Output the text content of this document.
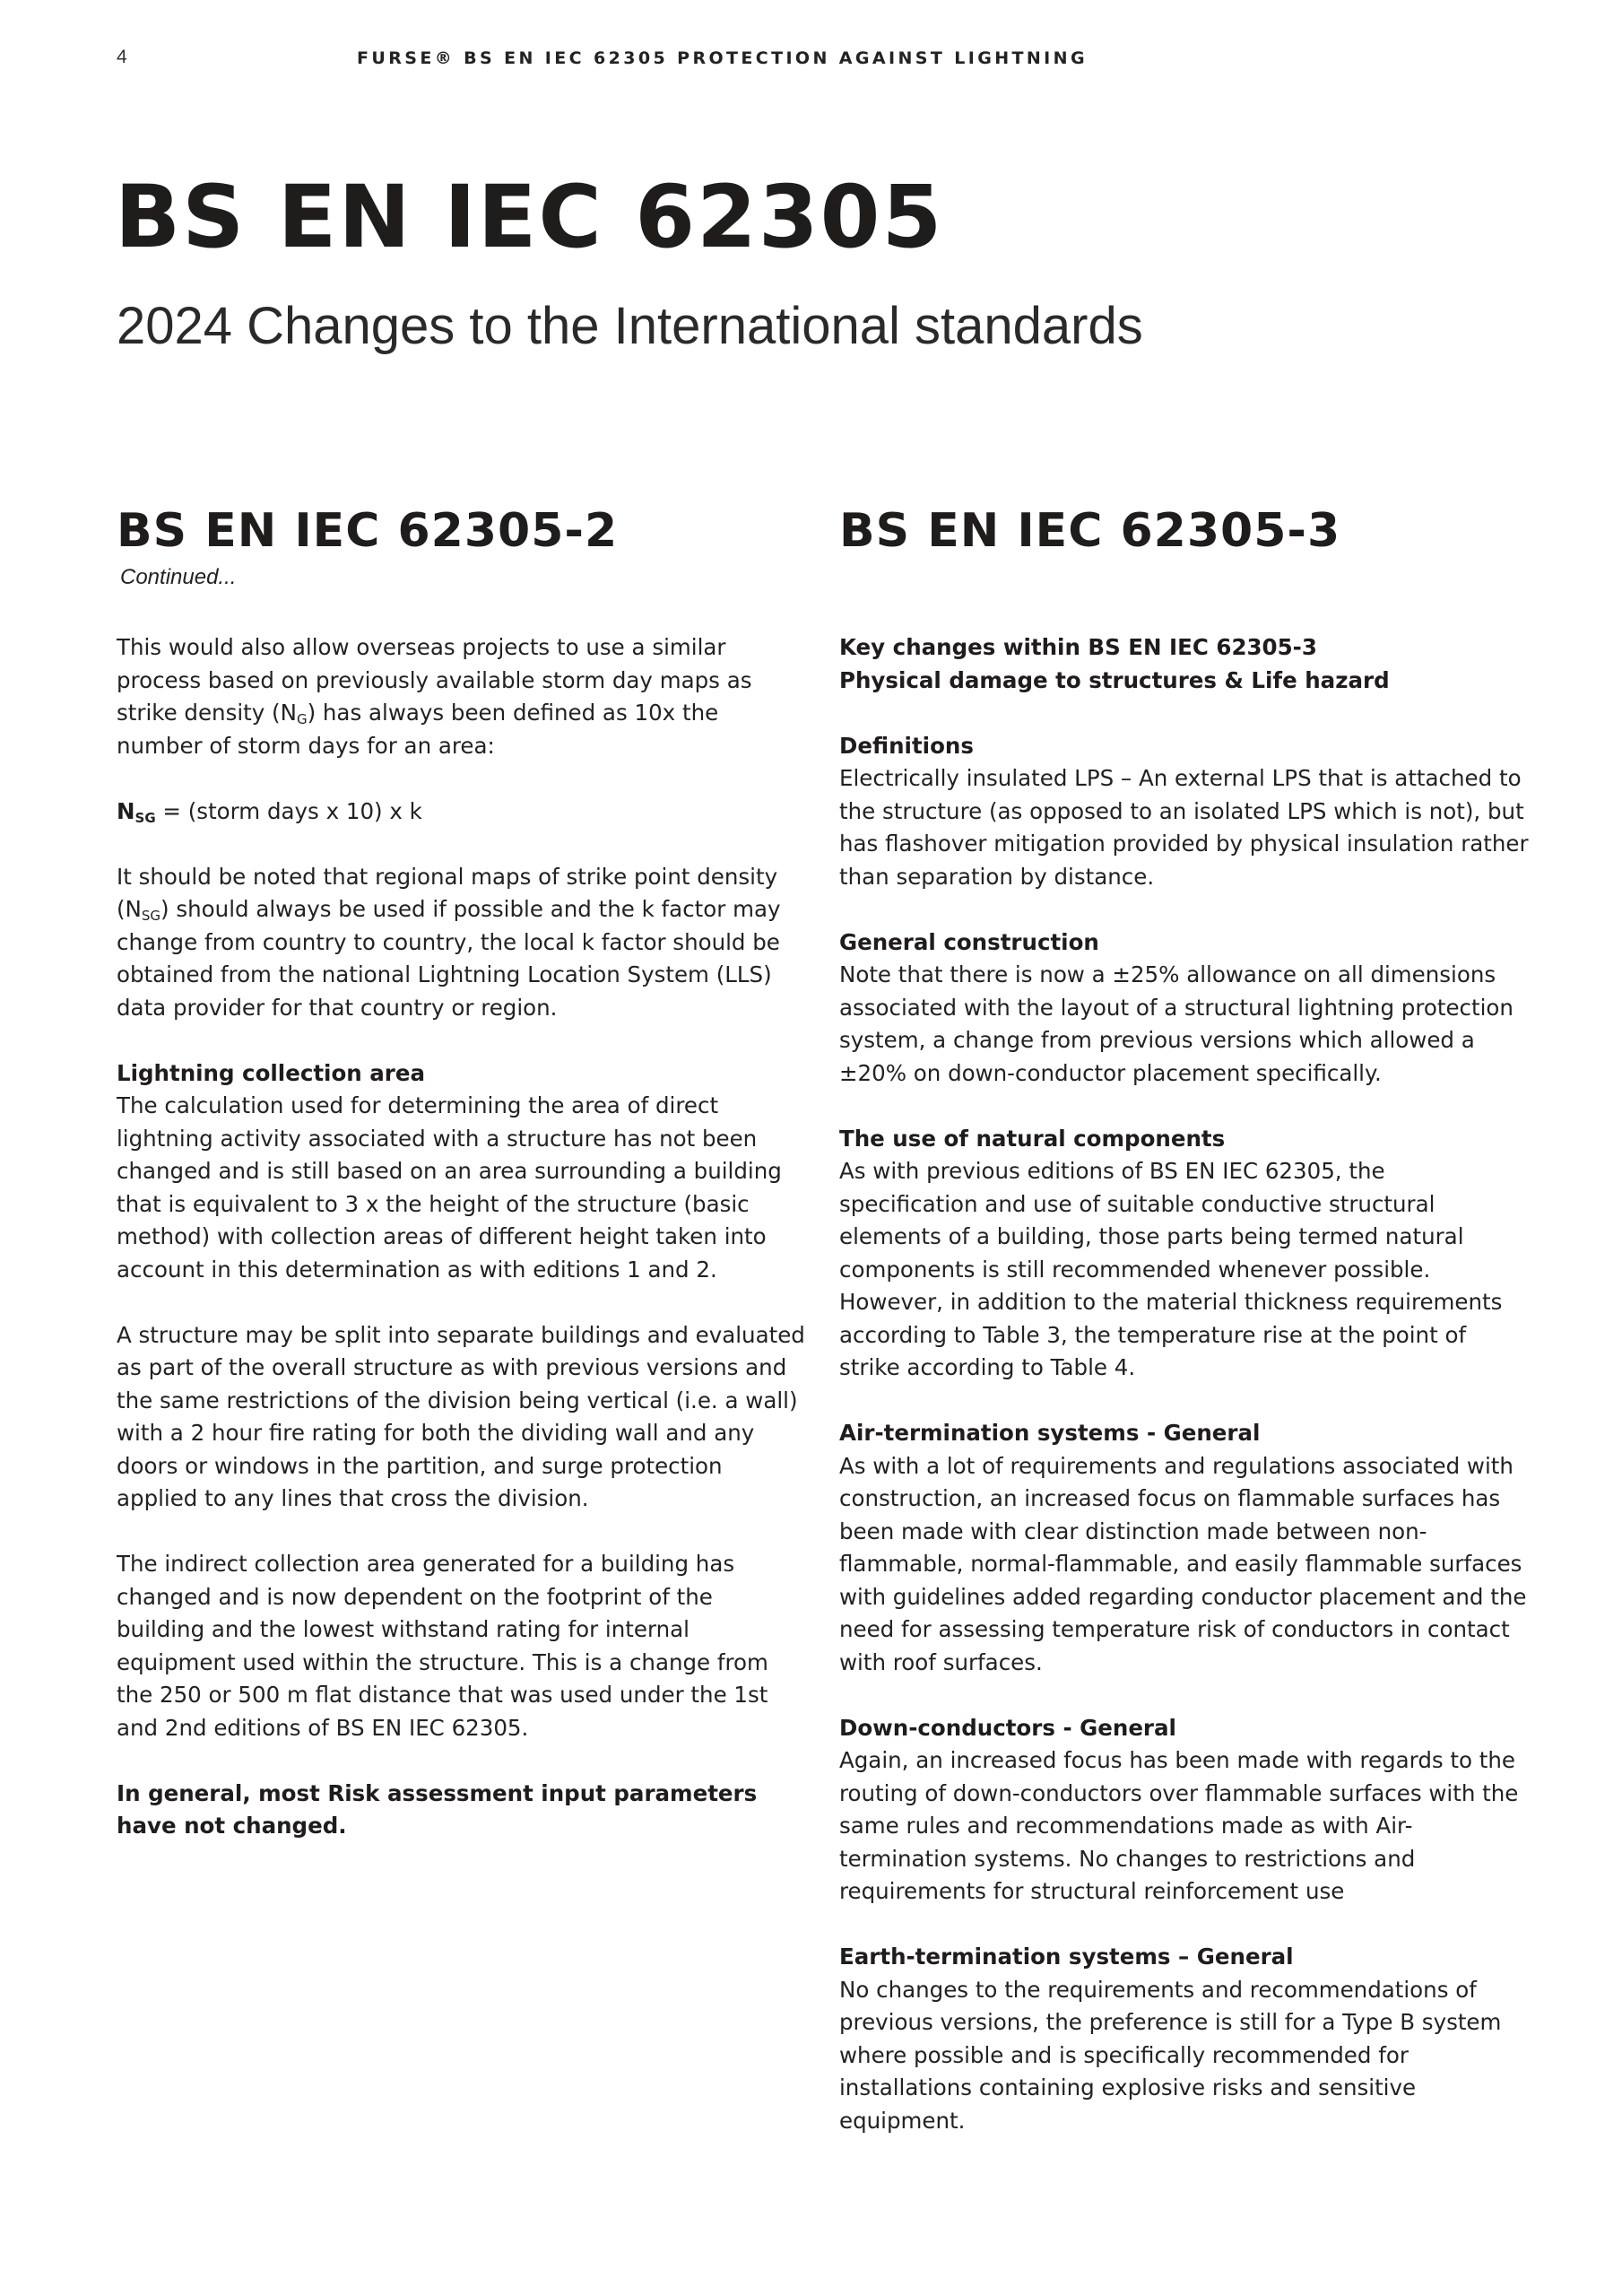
4	FURSE® BS EN IEC 62305 PROTECTION AGAINST LIGHTNING
BS EN IEC 62305
2024 Changes to the International standards
BS EN IEC 62305-2

Continued...

This would also allow overseas projects to use a similar process based on previously available storm day maps as strike density $(N_G)$ has always been defined as 10x the number of storm days for an area:

$N_{SG}$ = (storm days x 10) x k

It should be noted that regional maps of strike point density $(N_{SG})$ should always be used if possible and the k factor may change from country to country, the local k factor should be obtained from the national Lightning Location System (LLS) data provider for that country or region.

Lightning collection area
The calculation used for determining the area of direct lightning activity associated with a structure has not been changed and is still based on an area surrounding a building that is equivalent to 3 x the height of the structure (basic method) with collection areas of different height taken into account in this determination as with editions 1 and 2.

A structure may be split into separate buildings and evaluated as part of the overall structure as with previous versions and the same restrictions of the division being vertical (i.e. a wall) with a 2 hour fire rating for both the dividing wall and any doors or windows in the partition, and surge protection applied to any lines that cross the division.

The indirect collection area generated for a building has changed and is now dependent on the footprint of the building and the lowest withstand rating for internal equipment used within the structure. This is a change from the 250 or 500 m flat distance that was used under the 1st and 2nd editions of BS EN IEC 62305.

In general, most Risk assessment input parameters have not changed.

BS EN IEC 62305-3

Key changes within BS EN IEC 62305-3
Physical damage to structures & Life hazard

Definitions
Electrically insulated LPS – An external LPS that is attached to the structure (as opposed to an isolated LPS which is not), but has flashover mitigation provided by physical insulation rather than separation by distance.

General construction
Note that there is now a ±25% allowance on all dimensions associated with the layout of a structural lightning protection system, a change from previous versions which allowed a ±20% on down-conductor placement specifically.

The use of natural components
As with previous editions of BS EN IEC 62305, the specification and use of suitable conductive structural elements of a building, those parts being termed natural components is still recommended whenever possible. However, in addition to the material thickness requirements according to Table 3, the temperature rise at the point of strike according to Table 4.

Air-termination systems - General
As with a lot of requirements and regulations associated with construction, an increased focus on flammable surfaces has been made with clear distinction made between non-flammable, normal-flammable, and easily flammable surfaces with guidelines added regarding conductor placement and the need for assessing temperature risk of conductors in contact with roof surfaces.

Down-conductors - General
Again, an increased focus has been made with regards to the routing of down-conductors over flammable surfaces with the same rules and recommendations made as with Air-termination systems. No changes to restrictions and requirements for structural reinforcement use

Earth-termination systems – General
No changes to the requirements and recommendations of previous versions, the preference is still for a Type B system where possible and is specifically recommended for installations containing explosive risks and sensitive equipment.
